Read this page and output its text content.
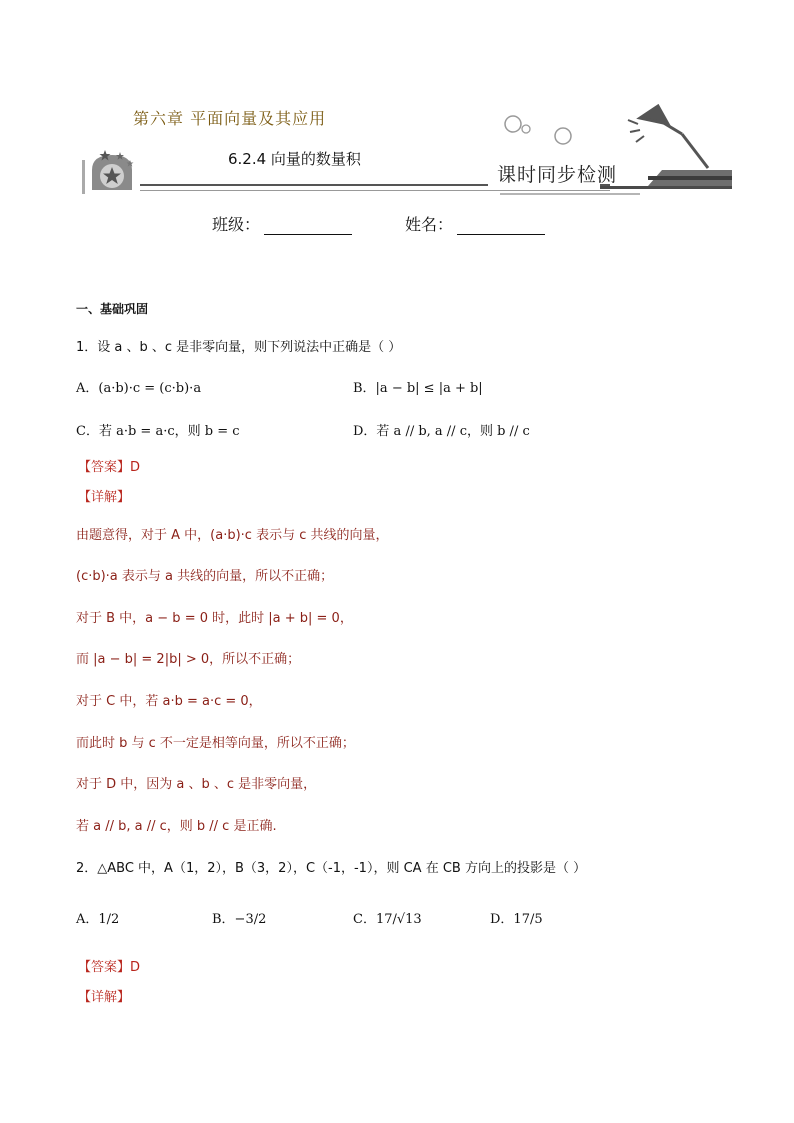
第六章 平面向量及其应用
6.2.4 向量的数量积
课时同步检测
班级：	姓名：
一、基础巩固
1．设 a 、b 、c 是非零向量，则下列说法中正确是（ ）
A．(a·b)·c = (c·b)·a	B．|a − b| ≤ |a + b|
C．若 a·b = a·c，则 b = c	D．若 a // b, a // c，则 b // c
【答案】D
【详解】
由题意得，对于 A 中，(a·b)·c 表示与 c 共线的向量，
(c·b)·a 表示与 a 共线的向量，所以不正确；
对于 B 中，a − b = 0 时，此时 |a + b| = 0，
而 |a − b| = 2|b| > 0，所以不正确；
对于 C 中，若 a·b = a·c = 0，
而此时 b 与 c 不一定是相等向量，所以不正确；
对于 D 中，因为 a 、b 、c 是非零向量，
若 a // b, a // c，则 b // c 是正确.
2．△ABC 中，A（1，2），B（3，2），C（-1，-1），则 CA 在 CB 方向上的投影是（ ）
A．1/2	B．−3/2	C．17/√13	D．17/5
【答案】D
【详解】
